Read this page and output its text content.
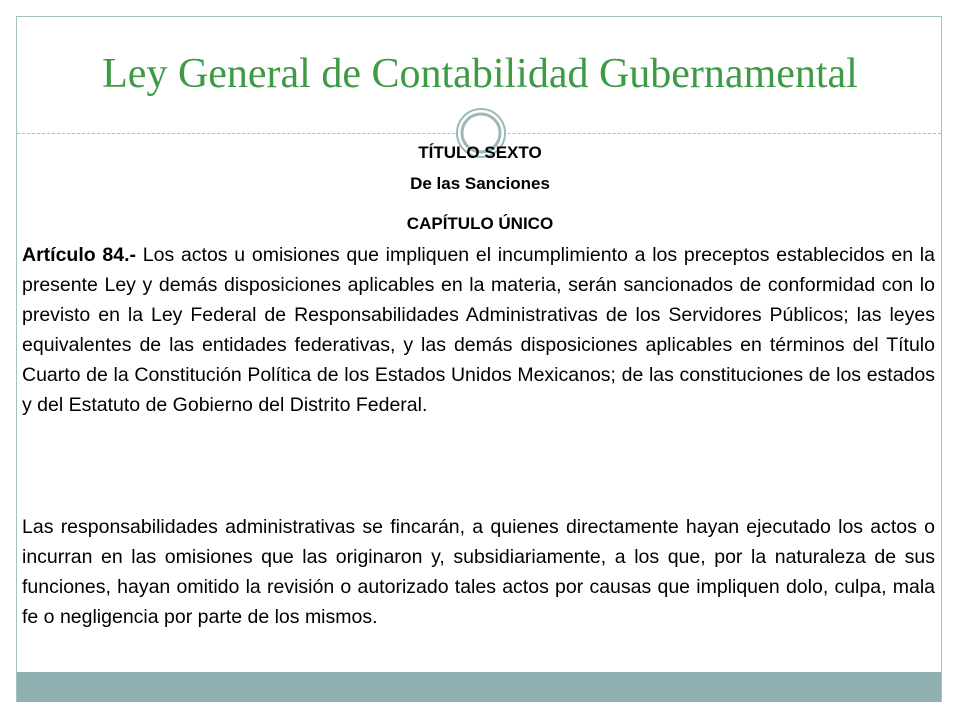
Ley General de Contabilidad Gubernamental

TÍTULO SEXTO

De las Sanciones

CAPÍTULO ÚNICO

Artículo 84.- Los actos u omisiones que impliquen el incumplimiento a los preceptos establecidos en la presente Ley y demás disposiciones aplicables en la materia, serán sancionados de conformidad con lo previsto en la Ley Federal de Responsabilidades Administrativas de los Servidores Públicos; las leyes equivalentes de las entidades federativas, y las demás disposiciones aplicables en términos del Título Cuarto de la Constitución Política de los Estados Unidos Mexicanos; de las constituciones de los estados y del Estatuto de Gobierno del Distrito Federal.

Las responsabilidades administrativas se fincarán, a quienes directamente hayan ejecutado los actos o incurran en las omisiones que las originaron y, subsidiariamente, a los que, por la naturaleza de sus funciones, hayan omitido la revisión o autorizado tales actos por causas que impliquen dolo, culpa, mala fe o negligencia por parte de los mismos.
